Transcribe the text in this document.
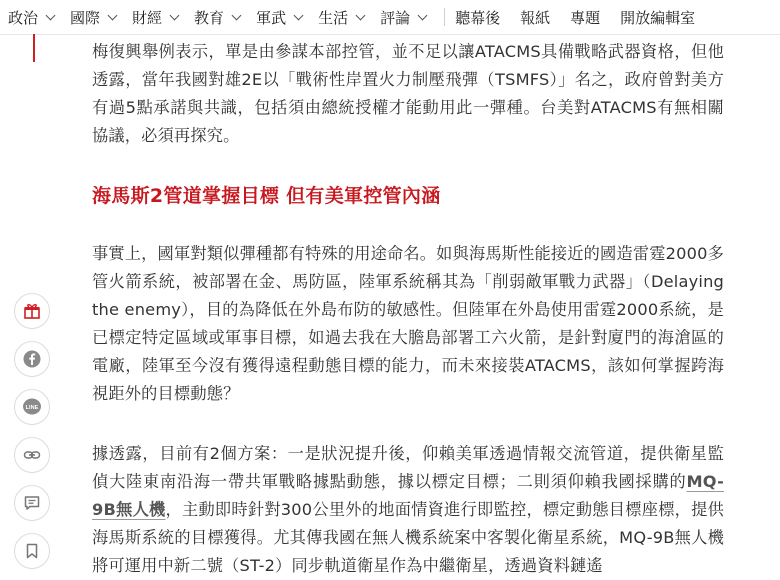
政治 國際 財經 教育 軍武 生活 評論	聽幕後 報紙 專題 開放編輯室

梅復興舉例表示，單是由參謀本部控管，並不足以讓ATACMS具備戰略武器資格，但他透露，當年我國對雄2E以「戰術性岸置火力制壓飛彈（TSMFS）」名之，政府曾對美方有過5點承諾與共識，包括須由總統授權才能動用此一彈種。台美對ATACMS有無相關協議，必須再探究。

海馬斯2管道掌握目標 但有美軍控管內涵

事實上，國軍對類似彈種都有特殊的用途命名。如與海馬斯性能接近的國造雷霆2000多管火箭系統，被部署在金、馬防區，陸軍系統稱其為「削弱敵軍戰力武器」（Delaying the enemy），目的為降低在外島布防的敏感性。但陸軍在外島使用雷霆2000系統，是已標定特定區域或軍事目標，如過去我在大膽島部署工六火箭，是針對廈門的海滄區的電廠，陸軍至今沒有獲得遠程動態目標的能力，而未來接裝ATACMS，該如何掌握跨海視距外的目標動態？

據透露，目前有2個方案：一是狀況提升後，仰賴美軍透過情報交流管道，提供衛星監偵大陸東南沿海一帶共軍戰略據點動態，據以標定目標；二則須仰賴我國採購的MQ-9B無人機，主動即時針對300公里外的地面情資進行即監控，標定動態目標座標，提供海馬斯系統的目標獲得。尤其傳我國在無人機系統案中客製化衛星系統，MQ-9B無人機將可運用中新二號（ST-2）同步軌道衛星作為中繼衛星，透過資料鏈遙

LINE
